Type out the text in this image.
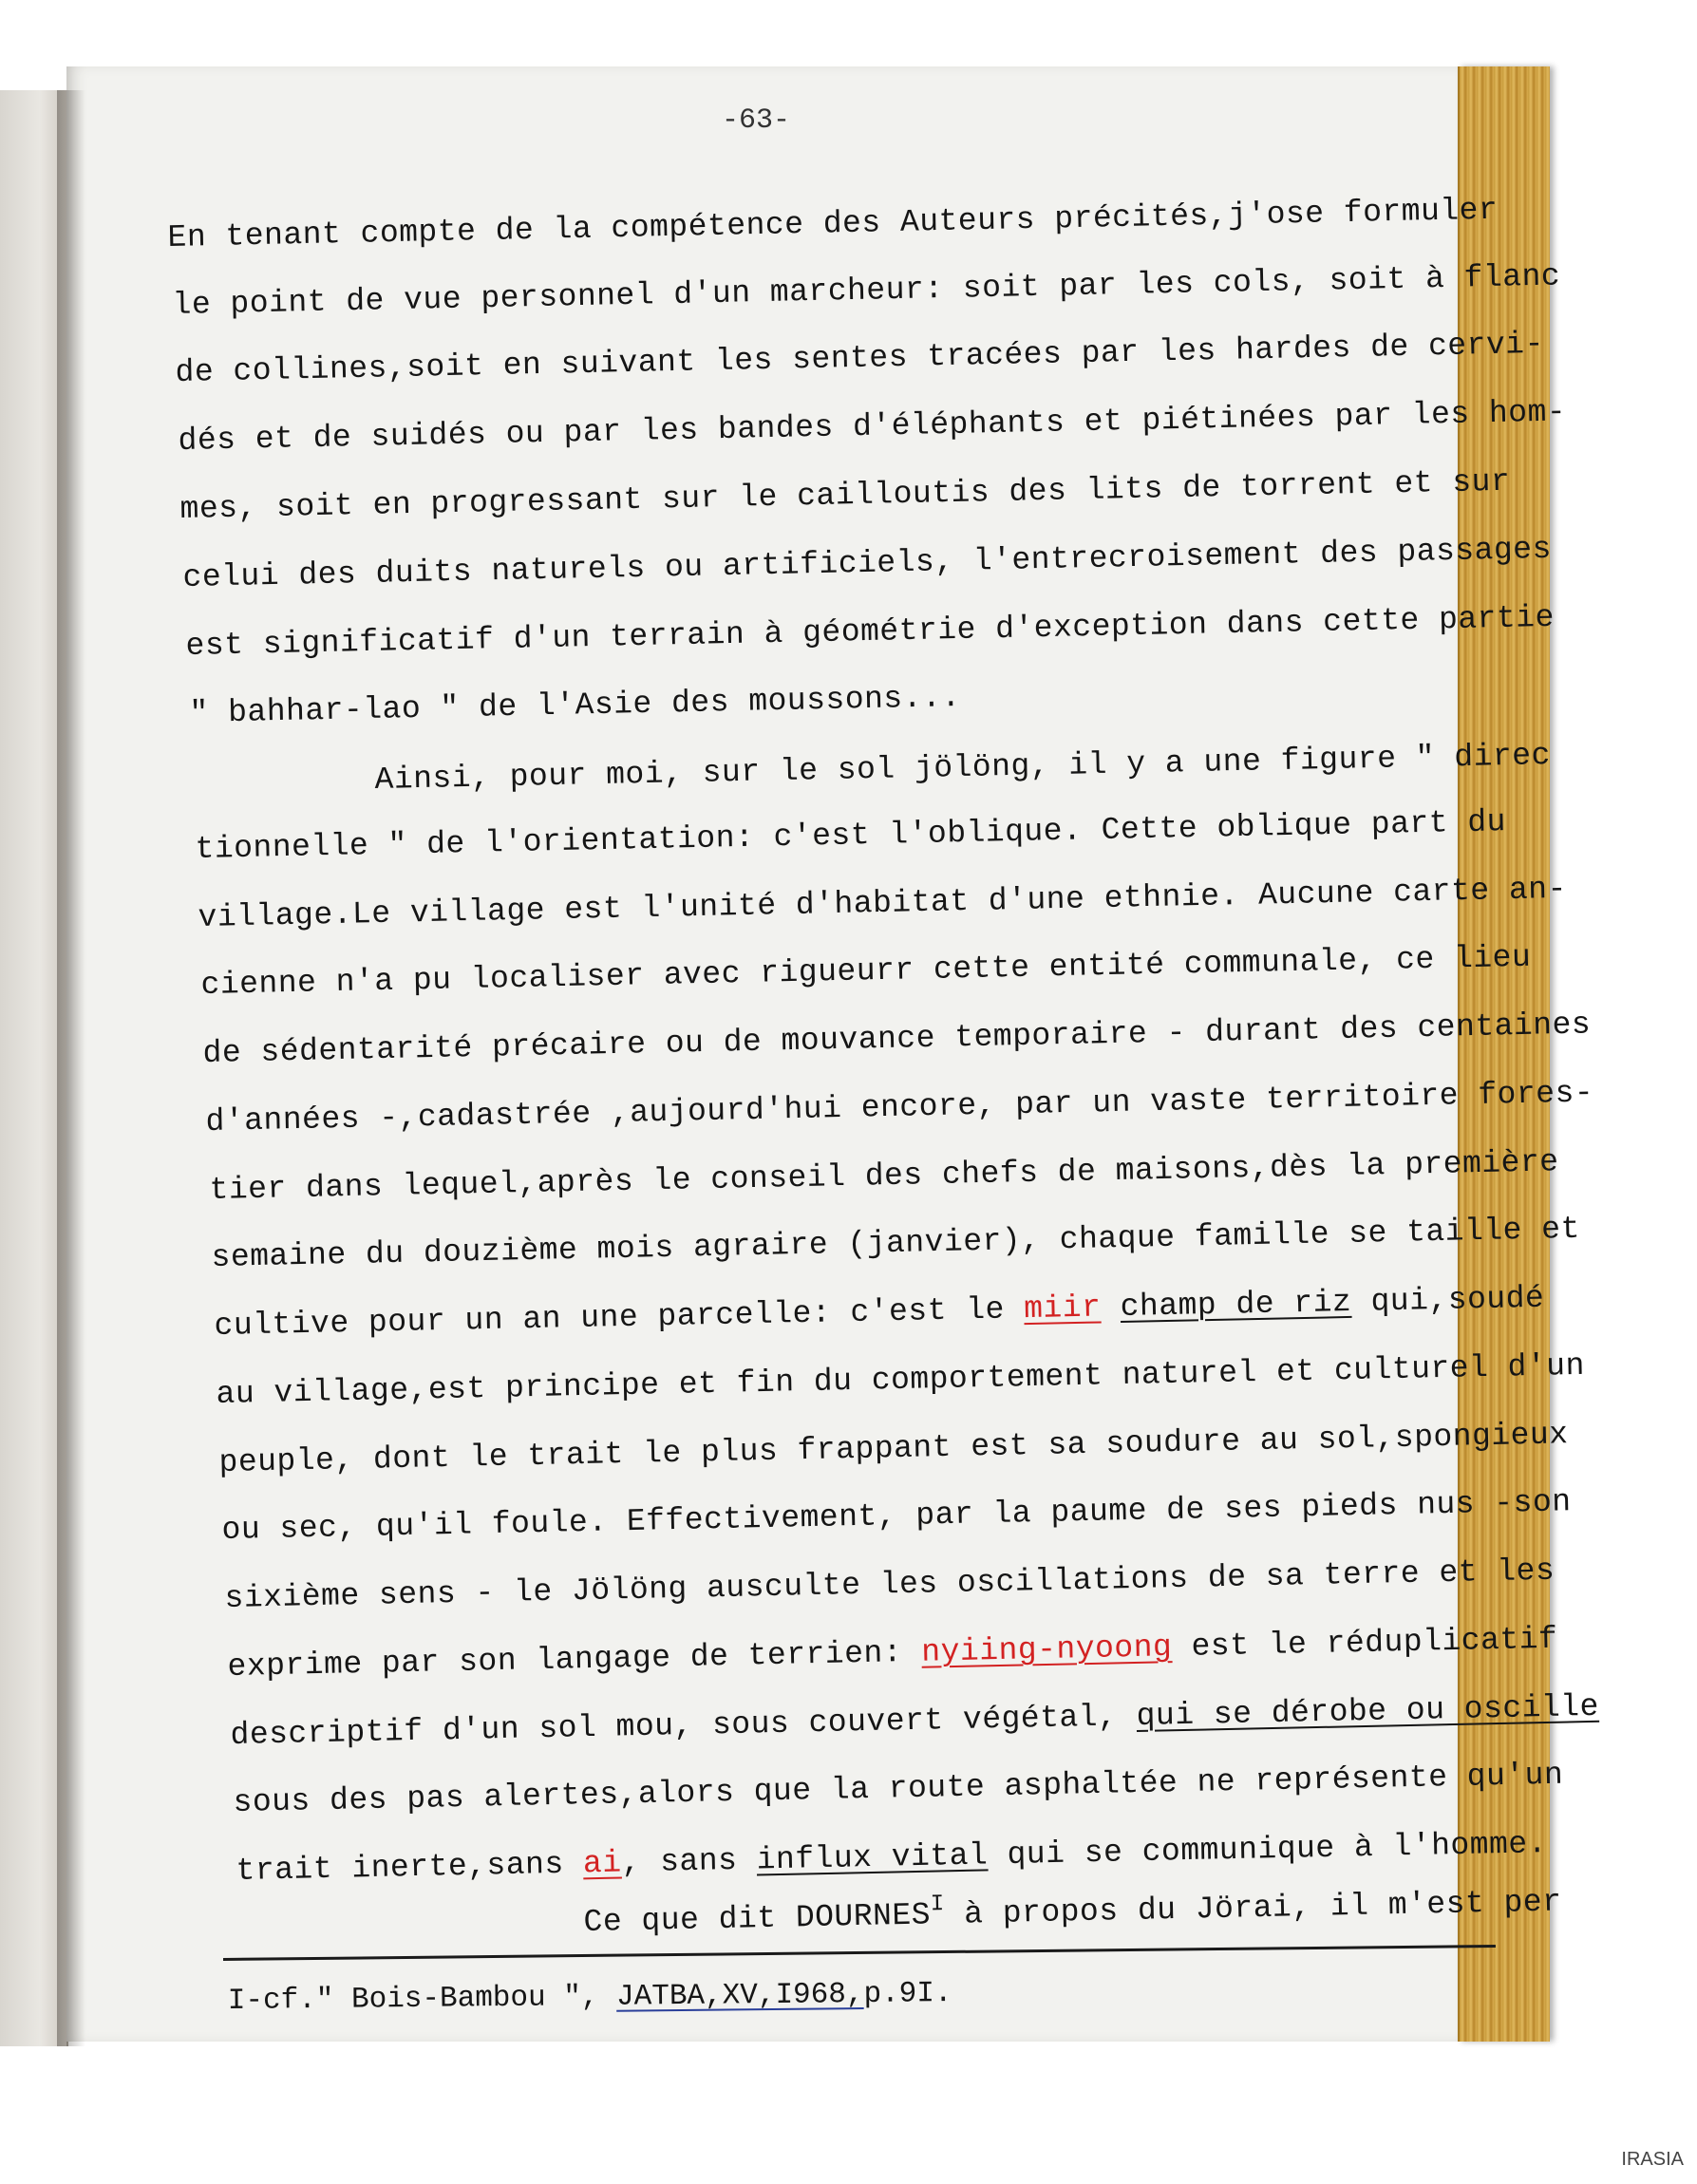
-63-
En tenant compte de la compétence des Auteurs précités,j'ose formuler
le point de vue personnel d'un marcheur: soit par les cols, soit à flanc
de collines,soit en suivant les sentes tracées par les hardes de cervi-
dés et de suidés ou par les bandes d'éléphants et piétinées par les hom-
mes, soit en progressant sur le cailloutis des lits de torrent et sur
celui des duits naturels ou artificiels, l'entrecroisement des passages
est significatif d'un terrain à géométrie d'exception dans cette partie
" bahhar-lao " de l'Asie des moussons...
Ainsi, pour moi, sur le sol jölöng, il y a une figure " direc
tionnelle " de l'orientation: c'est l'oblique. Cette oblique part du
village.Le village est l'unité d'habitat d'une ethnie. Aucune carte an-
cienne n'a pu localiser avec rigueurr cette entité communale, ce lieu
de sédentarité précaire ou de mouvance temporaire - durant des centaines
d'années -,cadastrée ,aujourd'hui encore, par un vaste territoire fores-
tier dans lequel,après le conseil des chefs de maisons,dès la première
semaine du douzième mois agraire (janvier), chaque famille se taille et
cultive pour un an une parcelle: c'est le miir champ de riz qui,soudé
au village,est principe et fin du comportement naturel et culturel d'un
peuple, dont le trait le plus frappant est sa soudure au sol,spongieux
ou sec, qu'il foule. Effectivement, par la paume de ses pieds nus -son
sixième sens - le Jölöng ausculte les oscillations de sa terre et les
exprime par son langage de terrien: nyiing-nyoong est le réduplicatif
descriptif d'un sol mou, sous couvert végétal, qui se dérobe ou oscille
sous des pas alertes,alors que la route asphaltée ne représente qu'un
trait inerte,sans ai, sans influx vital qui se communique à l'homme.
Ce que dit $DOURNES^I$ à propos du Jörai, il m'est per
I-cf." Bois-Bambou ", JATBA,XV,I968,p.9I.
IRASIA
